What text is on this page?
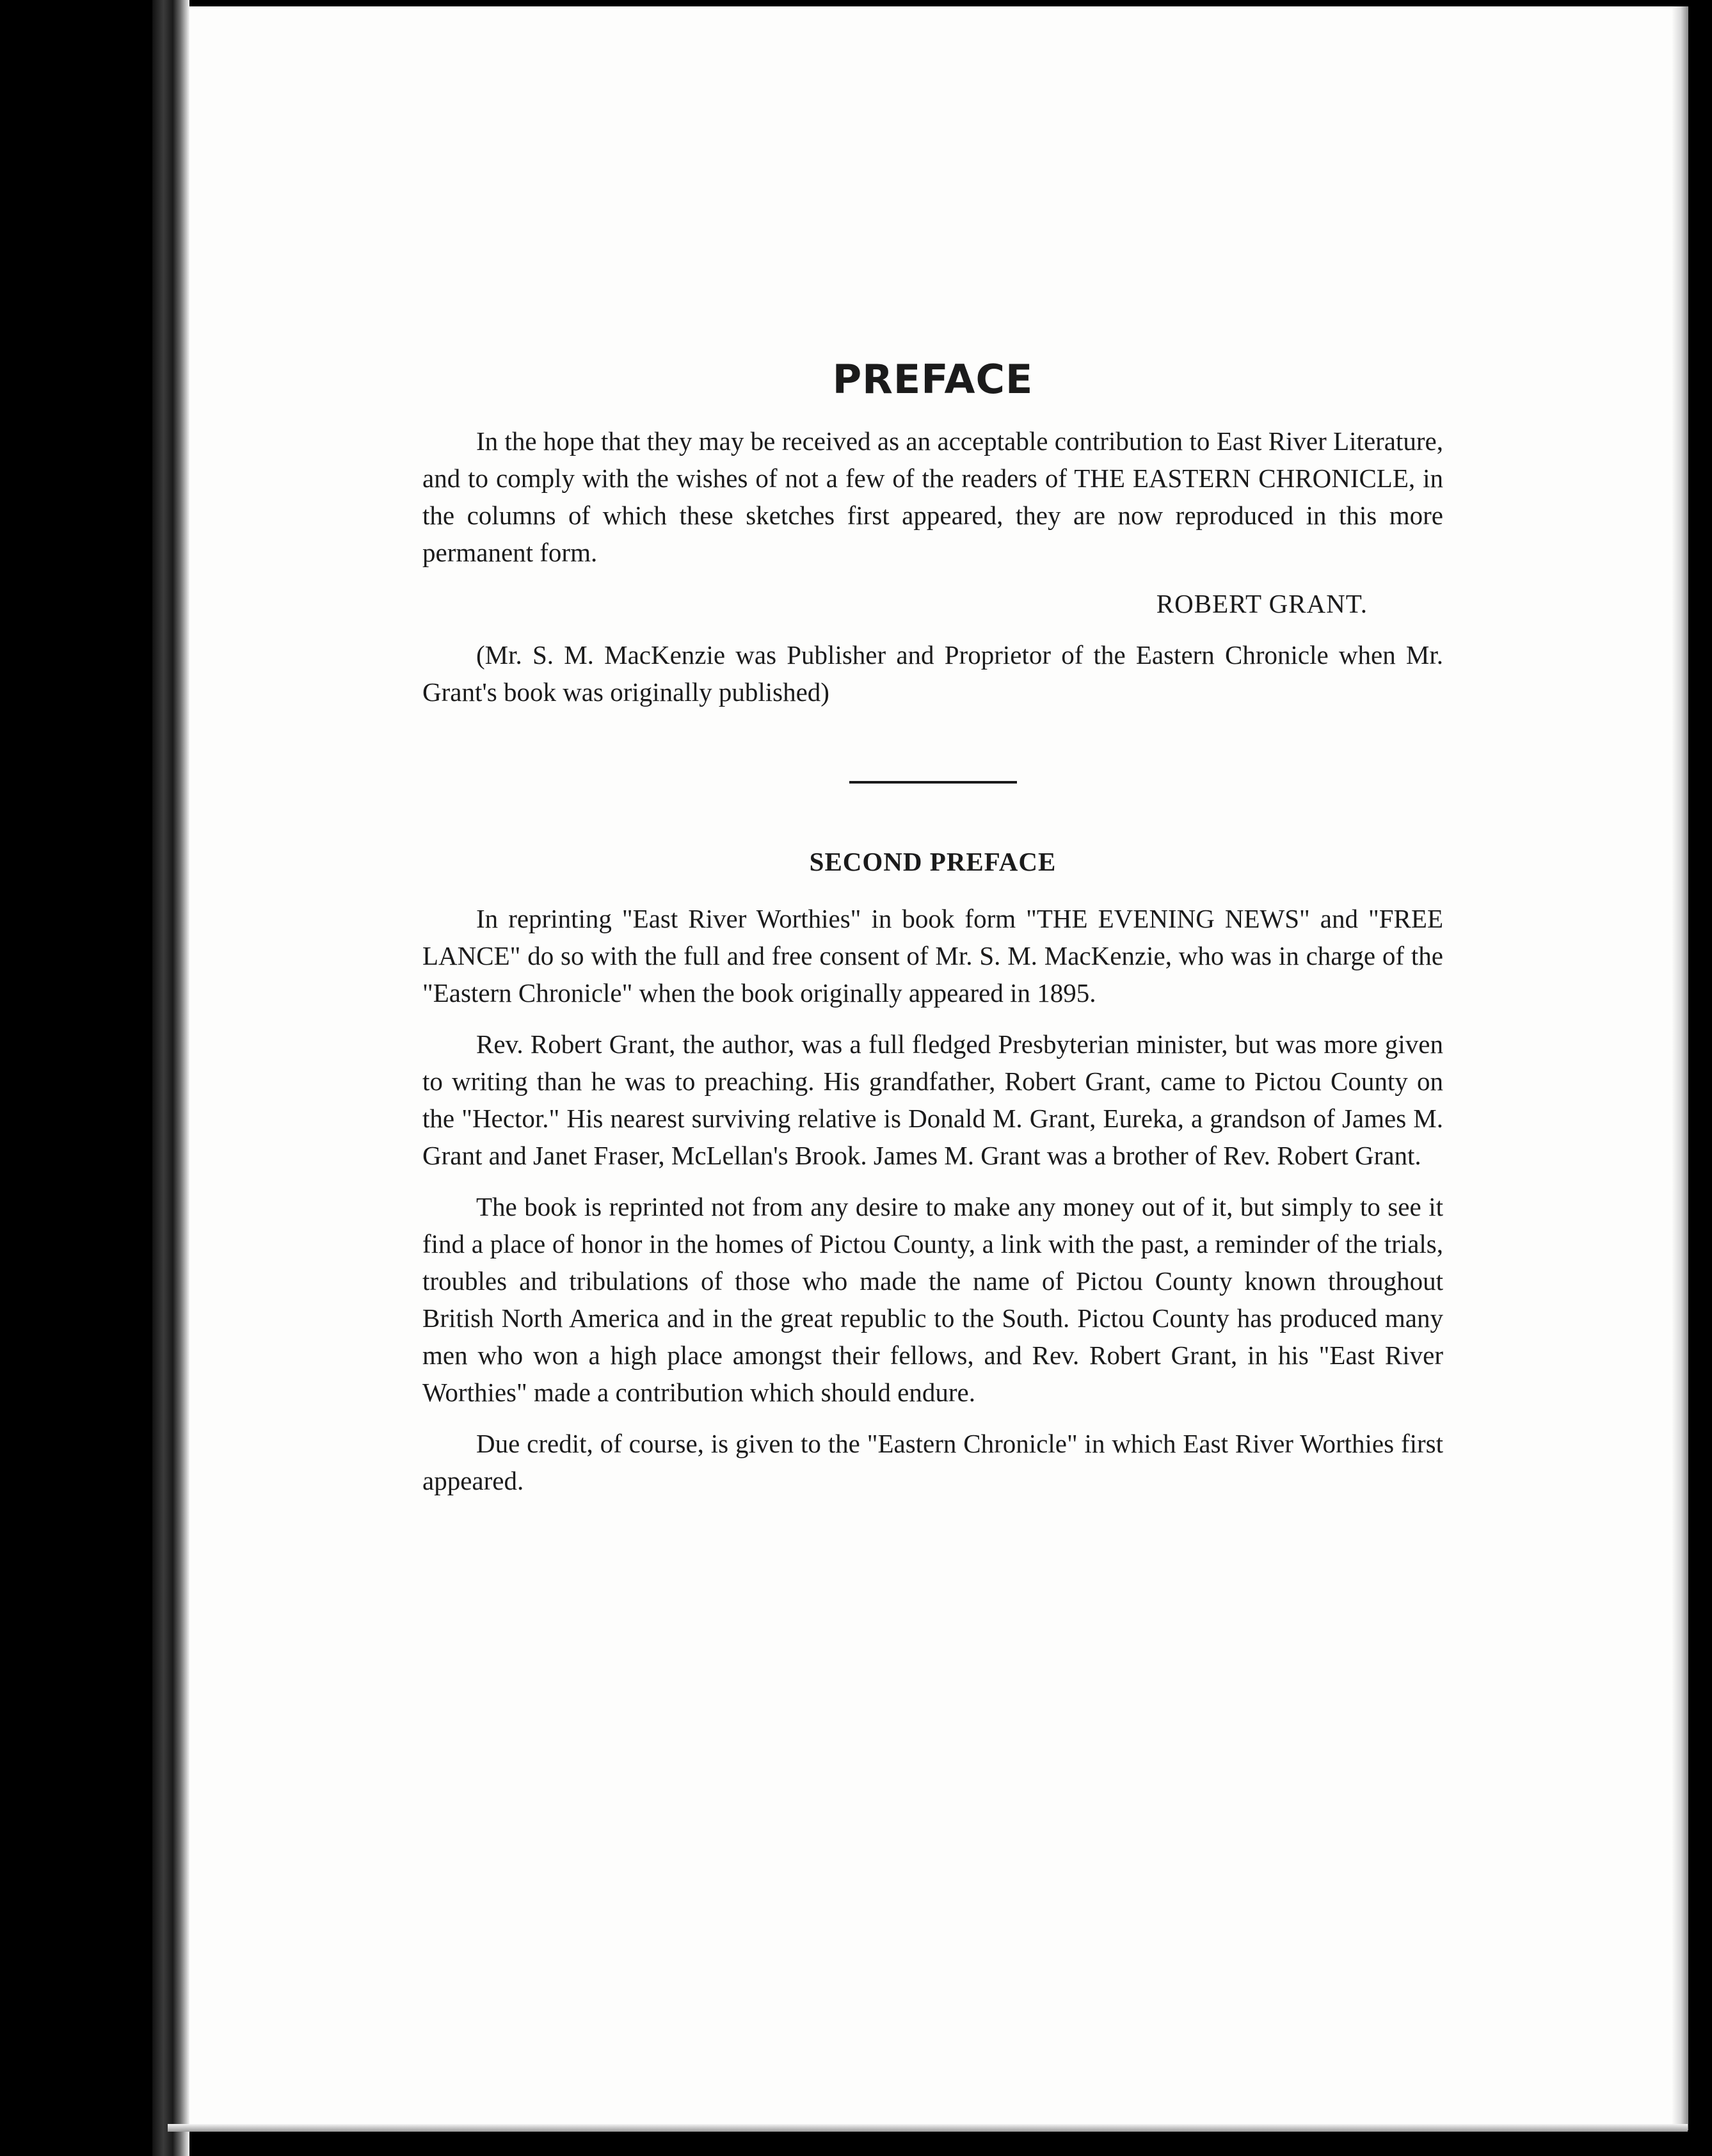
PREFACE

In the hope that they may be received as an acceptable contribution to East River Literature, and to comply with the wishes of not a few of the readers of THE EASTERN CHRONICLE, in the columns of which these sketches first appeared, they are now reproduced in this more permanent form.

ROBERT GRANT.

(Mr. S. M. MacKenzie was Publisher and Proprietor of the Eastern Chronicle when Mr. Grant's book was originally published)

SECOND PREFACE

In reprinting "East River Worthies" in book form "THE EVENING NEWS" and "FREE LANCE" do so with the full and free consent of Mr. S. M. MacKenzie, who was in charge of the "Eastern Chronicle" when the book originally appeared in 1895.

Rev. Robert Grant, the author, was a full fledged Presbyterian minister, but was more given to writing than he was to preaching. His grandfather, Robert Grant, came to Pictou County on the "Hector." His nearest surviving relative is Donald M. Grant, Eureka, a grandson of James M. Grant and Janet Fraser, McLellan's Brook. James M. Grant was a brother of Rev. Robert Grant.

The book is reprinted not from any desire to make any money out of it, but simply to see it find a place of honor in the homes of Pictou County, a link with the past, a reminder of the trials, troubles and tribulations of those who made the name of Pictou County known throughout British North America and in the great republic to the South. Pictou County has produced many men who won a high place amongst their fellows, and Rev. Robert Grant, in his "East River Worthies" made a contribution which should endure.

Due credit, of course, is given to the "Eastern Chronicle" in which East River Worthies first appeared.
